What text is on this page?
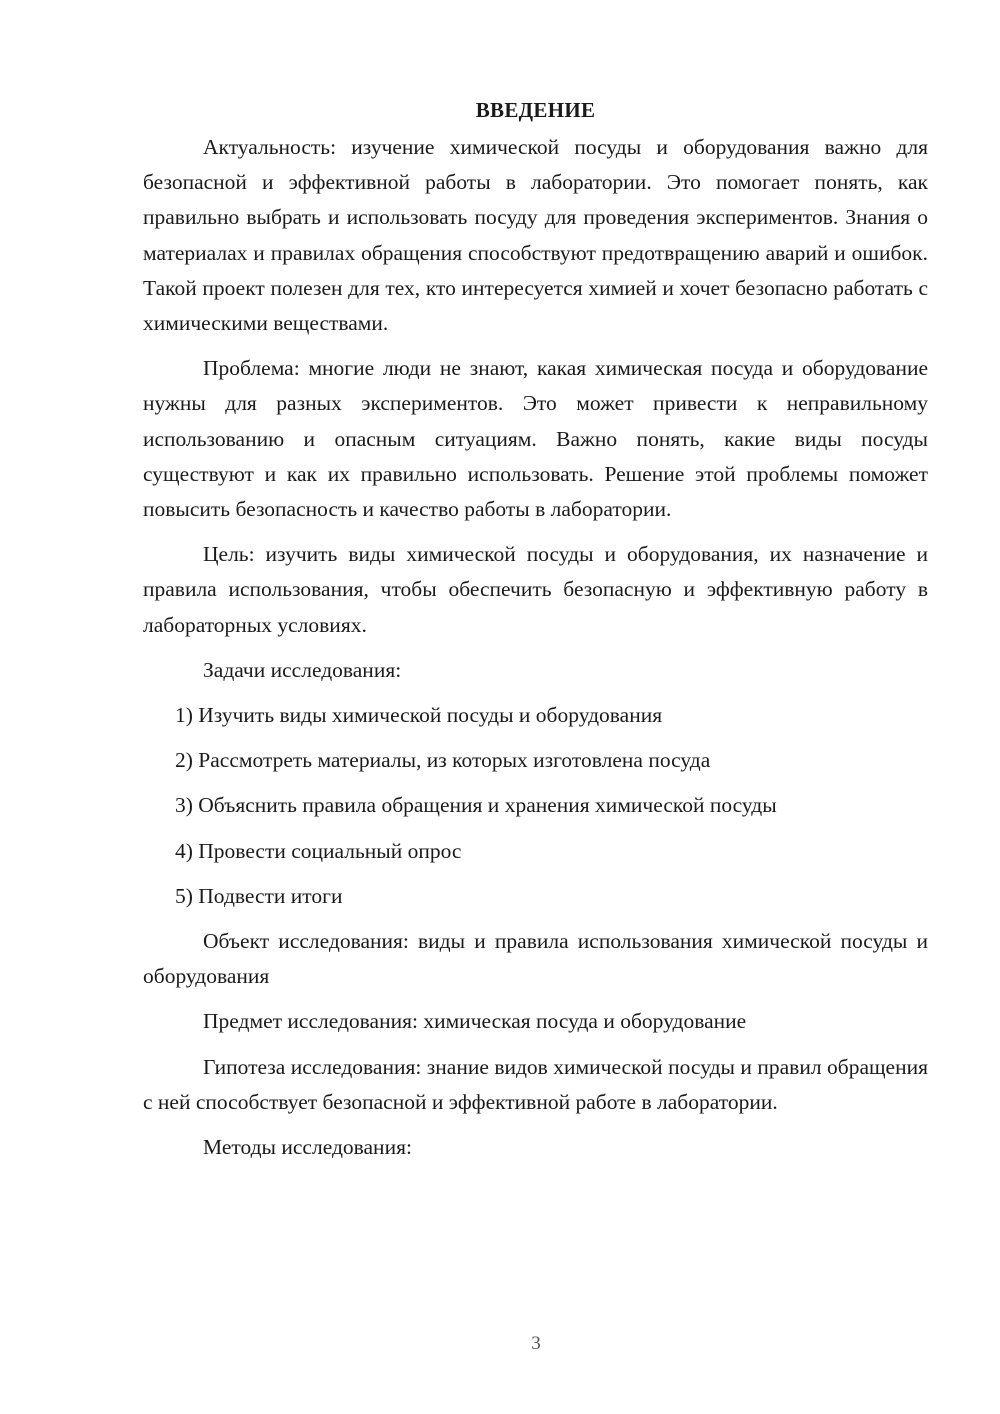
ВВЕДЕНИЕ

Актуальность: изучение химической посуды и оборудования важно для безопасной и эффективной работы в лаборатории. Это помогает понять, как правильно выбрать и использовать посуду для проведения экспериментов. Знания о материалах и правилах обращения способствуют предотвращению аварий и ошибок. Такой проект полезен для тех, кто интересуется химией и хочет безопасно работать с химическими веществами.

Проблема: многие люди не знают, какая химическая посуда и оборудование нужны для разных экспериментов. Это может привести к неправильному использованию и опасным ситуациям. Важно понять, какие виды посуды существуют и как их правильно использовать. Решение этой проблемы поможет повысить безопасность и качество работы в лаборатории.

Цель: изучить виды химической посуды и оборудования, их назначение и правила использования, чтобы обеспечить безопасную и эффективную работу в лабораторных условиях.

Задачи исследования:

1) Изучить виды химической посуды и оборудования
2) Рассмотреть материалы, из которых изготовлена посуда
3) Объяснить правила обращения и хранения химической посуды
4) Провести социальный опрос
5) Подвести итоги

Объект исследования: виды и правила использования химической посуды и оборудования

Предмет исследования: химическая посуда и оборудование

Гипотеза исследования: знание видов химической посуды и правил обращения с ней способствует безопасной и эффективной работе в лаборатории.

Методы исследования:

3
